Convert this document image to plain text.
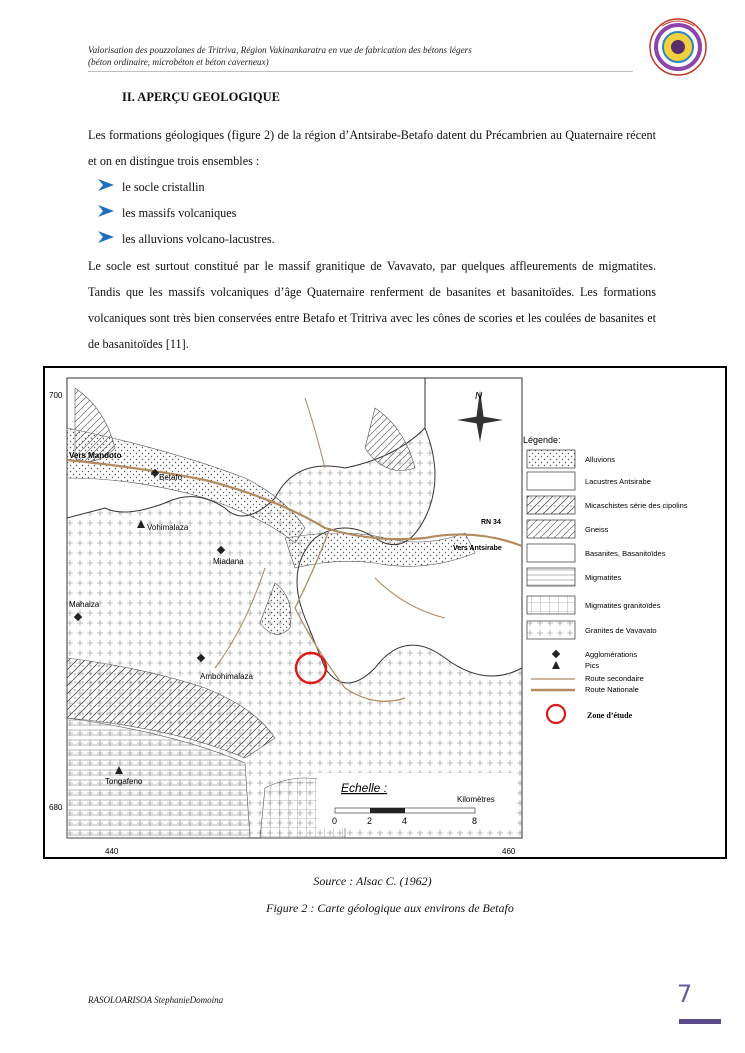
Valorisation des pouzzolanes de Tritriva, Région Vakinankaratra en vue de fabrication des bétons légers
(béton ordinaire, microbéton et béton caverneux)
II. APERÇU GEOLOGIQUE
Les formations géologiques (figure 2) de la région d’Antsirabe-Betafo datent du Précambrien au Quaternaire récent et on en distingue trois ensembles :
le socle cristallin
les massifs volcaniques
les alluvions volcano-lacustres.
Le socle est surtout constitué par le massif granitique de Vavavato, par quelques affleurements de migmatites. Tandis que les massifs volcaniques d’âge Quaternaire renferment de basanites et basanitoïdes. Les formations volcaniques sont très bien conservées entre Betafo et Tritriva avec les cônes de scories et les coulées de basanites et de basanitoïdes [11].
700
680
440	460
Vers Mandoto
Betafo
Vohimalaza
Miadana
Mahaiza
Ambohimalaza
Tongafeno
RN 34
Vers Antsirabe
N
Echelle :
Kilomètres
0	2	4	8
Légende:
Alluvions
Lacustres Antsirabe
Micaschistes série des cipolins
Gneiss
Basanites, Basanitoïdes
Migmatites
Migmatites granitoïdes
Granites de Vavavato
Agglomérations
Pics
Route secondaire
Route Nationale
Zone d’étude
Source : Alsac C. (1962)
Figure 2 : Carte géologique aux environs de Betafo
RASOLOARISOA StephanieDomoina	7
